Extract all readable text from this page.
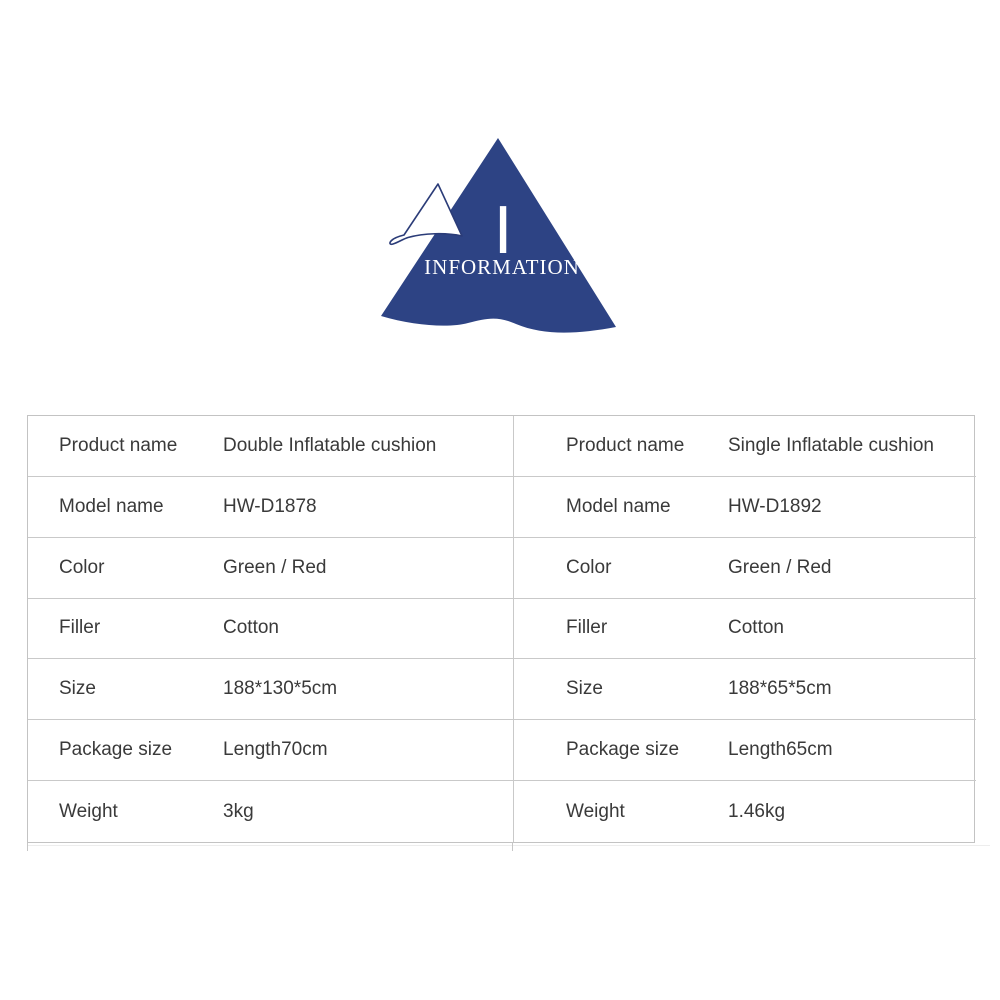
I
INFORMATION
Product name	Double Inflatable cushion	Product name	Single Inflatable cushion
Model name	HW-D1878	Model name	HW-D1892
Color	Green / Red	Color	Green / Red
Filler	Cotton	Filler	Cotton
Size	188*130*5cm	Size	188*65*5cm
Package size	Length70cm	Package size	Length65cm
Weight	3kg	Weight	1.46kg
